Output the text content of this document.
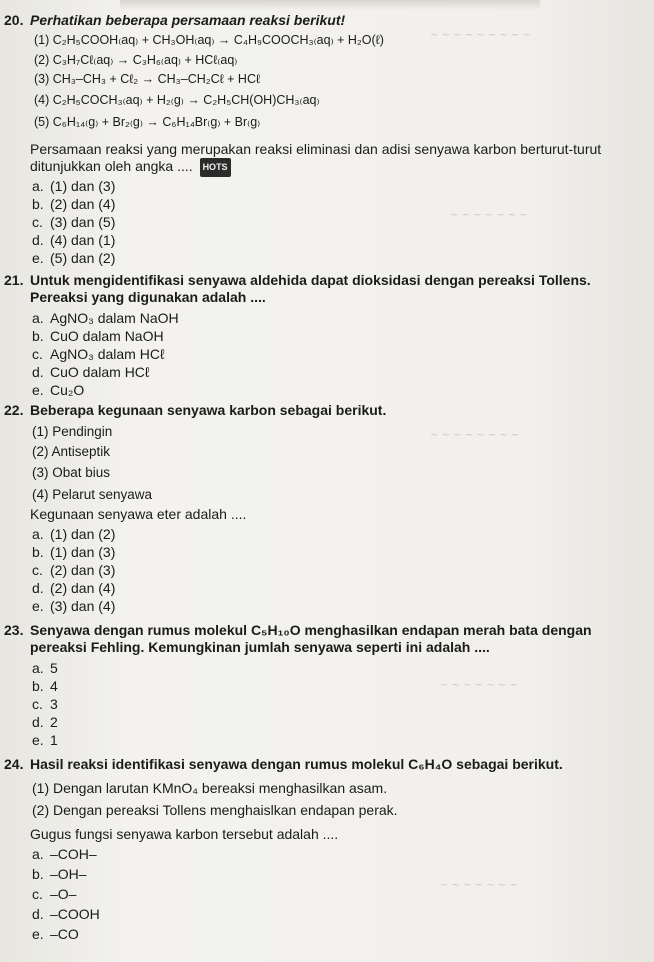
~ ~ ~ ~ ~ ~ ~ ~ ~
~ ~ ~ ~ ~ ~ ~
~ ~ ~ ~ ~ ~ ~ ~
~ ~ ~ ~ ~ ~ ~
~ ~ ~ ~ ~ ~ ~
20. Perhatikan beberapa persamaan reaksi berikut!
(1) C₂H₅COOH₍aq₎ + CH₃OH₍aq₎ → C₄H₉COOCH₃₍aq₎ + H₂O(ℓ)
(2) C₃H₇Cℓ₍aq₎ → C₃H₆₍aq₎ + HCℓ₍aq₎
(3) CH₃–CH₃ + Cℓ₂ → CH₃–CH₂Cℓ + HCℓ
(4) C₂H₅COCH₃₍aq₎ + H₂₍g₎ → C₂H₅CH(OH)CH₃₍aq₎
(5) C₆H₁₄₍g₎ + Br₂₍g₎ → C₆H₁₄Br₍g₎ + Br₍g₎
Persamaan reaksi yang merupakan reaksi eliminasi dan adisi senyawa karbon berturut-turut ditunjukkan oleh angka .... HOTS
a. (1) dan (3)
b. (2) dan (4)
c. (3) dan (5)
d. (4) dan (1)
e. (5) dan (2)
21. Untuk mengidentifikasi senyawa aldehida dapat dioksidasi dengan pereaksi Tollens. Pereaksi yang digunakan adalah ....
a. AgNO₃ dalam NaOH
b. CuO dalam NaOH
c. AgNO₃ dalam HCℓ
d. CuO dalam HCℓ
e. Cu₂O
22. Beberapa kegunaan senyawa karbon sebagai berikut.
(1) Pendingin
(2) Antiseptik
(3) Obat bius
(4) Pelarut senyawa
Kegunaan senyawa eter adalah ....
a. (1) dan (2)
b. (1) dan (3)
c. (2) dan (3)
d. (2) dan (4)
e. (3) dan (4)
23. Senyawa dengan rumus molekul C₅H₁₀O menghasilkan endapan merah bata dengan pereaksi Fehling. Kemungkinan jumlah senyawa seperti ini adalah ....
a. 5
b. 4
c. 3
d. 2
e. 1
24. Hasil reaksi identifikasi senyawa dengan rumus molekul C₆H₄O sebagai berikut.
(1) Dengan larutan KMnO₄ bereaksi menghasilkan asam.
(2) Dengan pereaksi Tollens menghaislkan endapan perak.
Gugus fungsi senyawa karbon tersebut adalah ....
a. –COH–
b. –OH–
c. –O–
d. –COOH
e. –CO
